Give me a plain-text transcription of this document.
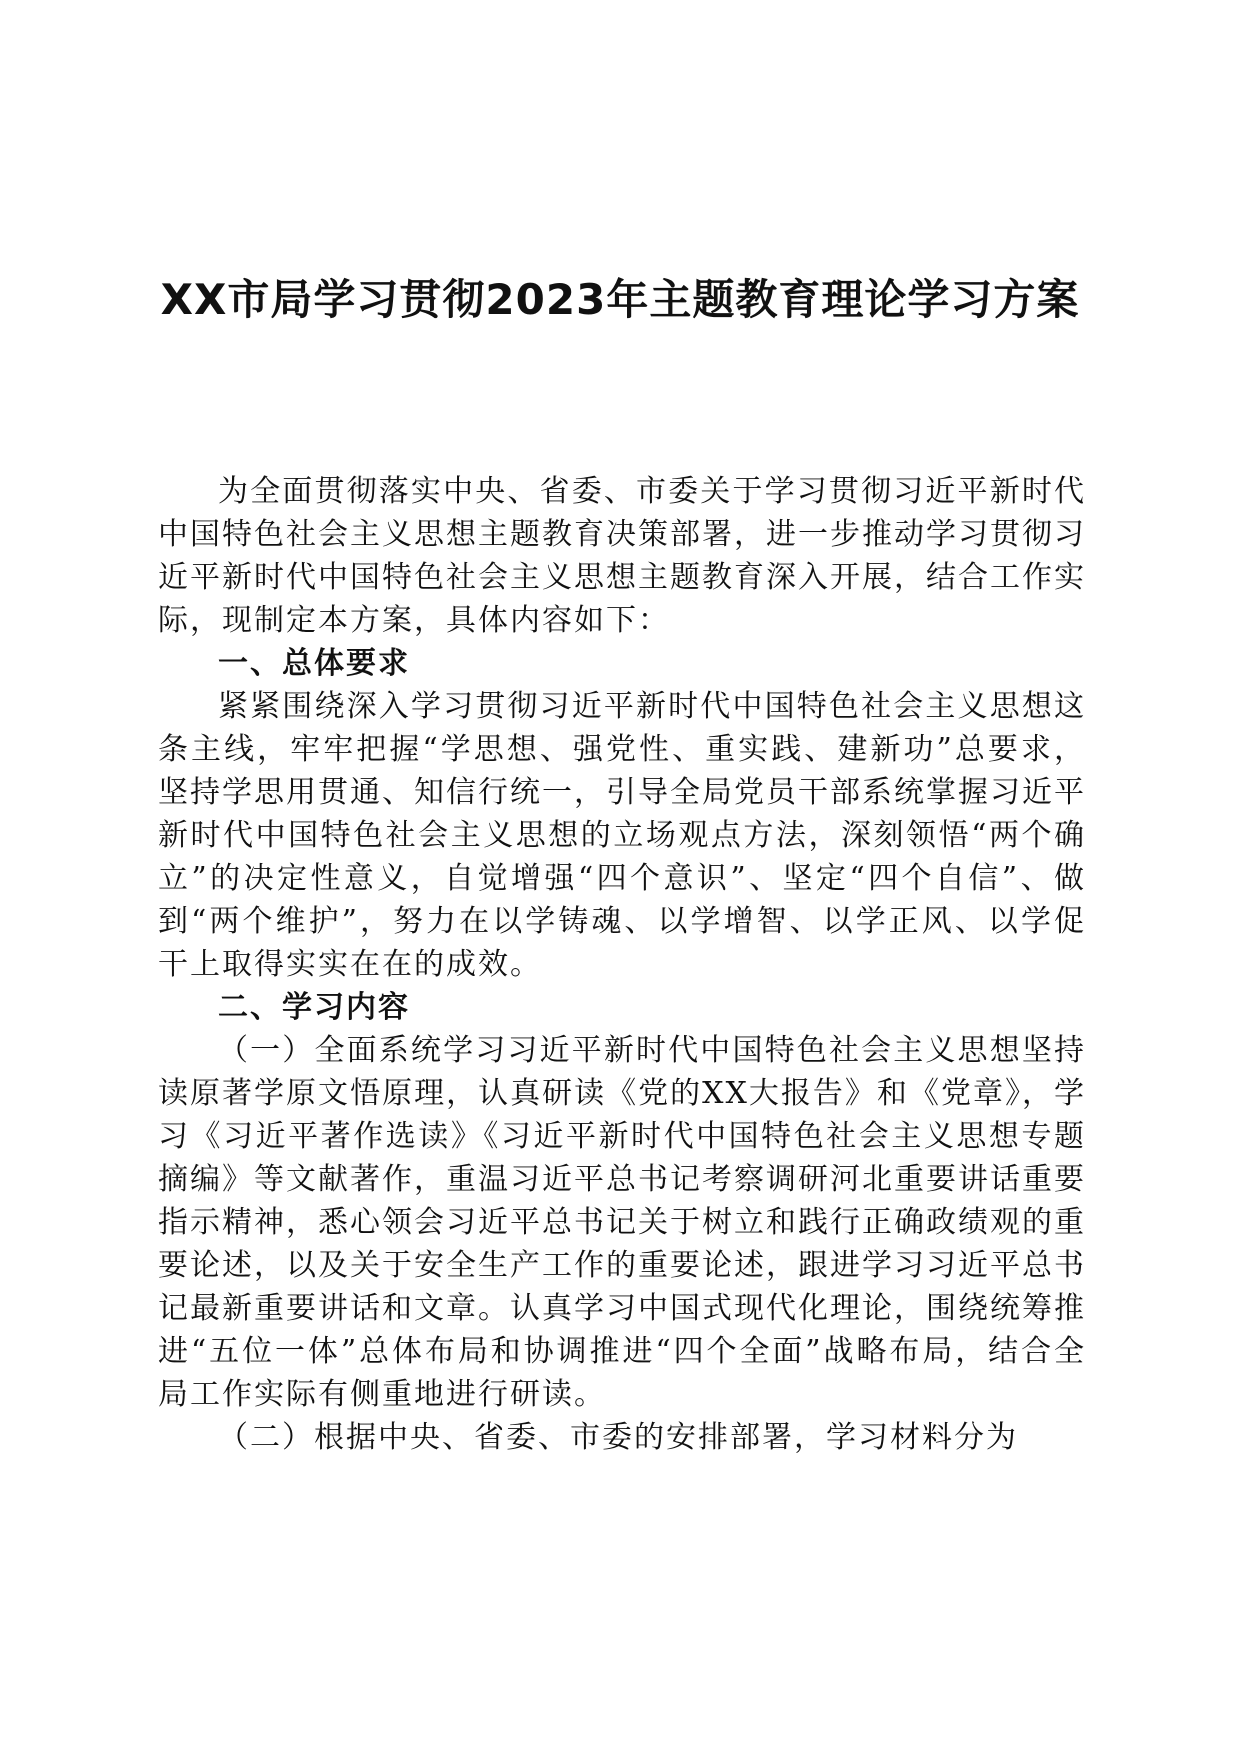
XX市局学习贯彻2023年主题教育理论学习方案

为全面贯彻落实中央、省委、市委关于学习贯彻习近平新时代中国特色社会主义思想主题教育决策部署，进一步推动学习贯彻习近平新时代中国特色社会主义思想主题教育深入开展，结合工作实际，现制定本方案，具体内容如下：

一、总体要求

紧紧围绕深入学习贯彻习近平新时代中国特色社会主义思想这条主线，牢牢把握“学思想、强党性、重实践、建新功”总要求，坚持学思用贯通、知信行统一，引导全局党员干部系统掌握习近平新时代中国特色社会主义思想的立场观点方法，深刻领悟“两个确立”的决定性意义，自觉增强“四个意识”、坚定“四个自信”、做到“两个维护”，努力在以学铸魂、以学增智、以学正风、以学促干上取得实实在在的成效。

二、学习内容

（一）全面系统学习习近平新时代中国特色社会主义思想坚持读原著学原文悟原理，认真研读《党的XX大报告》和《党章》，学习《习近平著作选读》《习近平新时代中国特色社会主义思想专题摘编》等文献著作，重温习近平总书记考察调研河北重要讲话重要指示精神，悉心领会习近平总书记关于树立和践行正确政绩观的重要论述，以及关于安全生产工作的重要论述，跟进学习习近平总书记最新重要讲话和文章。认真学习中国式现代化理论，围绕统筹推进“五位一体”总体布局和协调推进“四个全面”战略布局，结合全局工作实际有侧重地进行研读。

（二）根据中央、省委、市委的安排部署，学习材料分为
